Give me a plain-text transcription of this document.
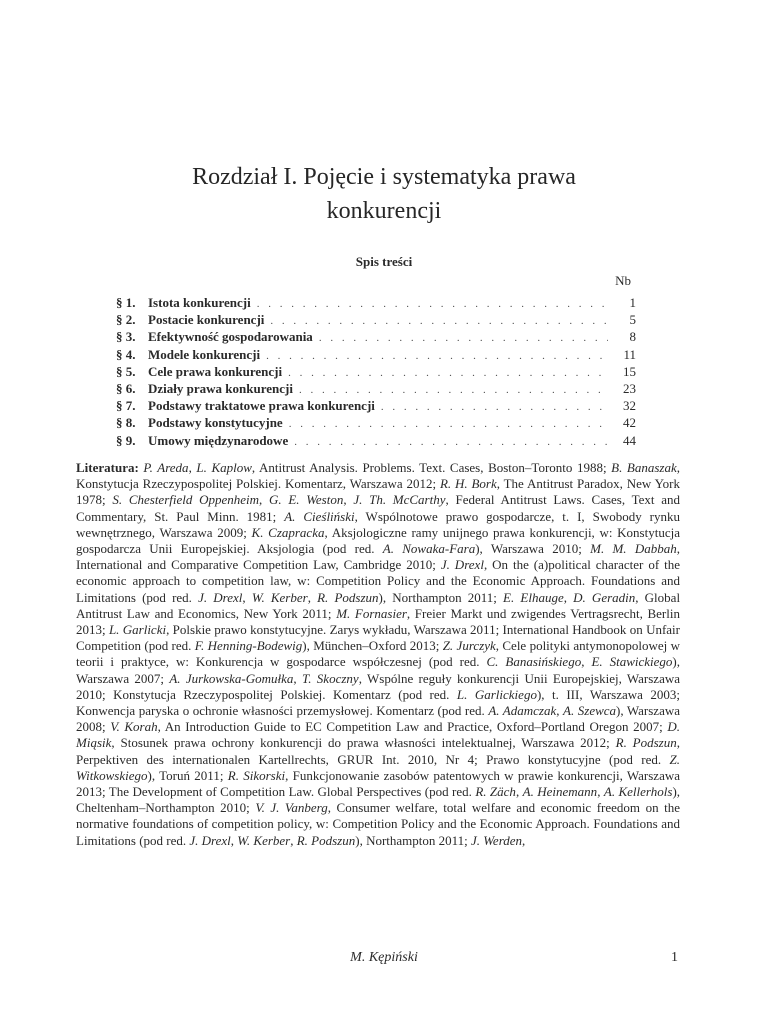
Rozdział I. Pojęcie i systematyka prawa
konkurencji
Spis treści
Nb
§ 1. Istota konkurencji . . .	1
§ 2. Postacie konkurencji . . .	5
§ 3. Efektywność gospodarowania . . .	8
§ 4. Modele konkurencji . . .	11
§ 5. Cele prawa konkurencji . . .	15
§ 6. Działy prawa konkurencji . . .	23
§ 7. Podstawy traktatowe prawa konkurencji . . .	32
§ 8. Podstawy konstytucyjne . . .	42
§ 9. Umowy międzynarodowe . . .	44

Literatura: P. Areda, L. Kaplow, Antitrust Analysis. Problems. Text. Cases, Boston–Toronto 1988; B. Banaszak, Konstytucja Rzeczypospolitej Polskiej. Komentarz, Warszawa 2012; R. H. Bork, The Antitrust Paradox, New York 1978; S. Chesterfield Oppenheim, G. E. Weston, J. Th. McCarthy, Federal Antitrust Laws. Cases, Text and Commentary, St. Paul Minn. 1981; A. Cieśliński, Wspólnotowe prawo gospodarcze, t. I, Swobody rynku wewnętrznego, Warszawa 2009; K. Czapracka, Aksjologiczne ramy unijnego prawa konkurencji, w: Konstytucja gospodarcza Unii Europejskiej. Aksjologia (pod red. A. Nowaka-Fara), Warszawa 2010; M. M. Dabbah, International and Comparative Competition Law, Cambridge 2010; J. Drexl, On the (a)political character of the economic approach to competition law, w: Competition Policy and the Economic Approach. Foundations and Limitations (pod red. J. Drexl, W. Kerber, R. Podszun), Northampton 2011; E. Elhauge, D. Geradin, Global Antitrust Law and Economics, New York 2011; M. Fornasier, Freier Markt und zwigendes Vertragsrecht, Berlin 2013; L. Garlicki, Polskie prawo konstytucyjne. Zarys wykładu, Warszawa 2011; International Handbook on Unfair Competition (pod red. F. Henning-Bodewig), München–Oxford 2013; Z. Jurczyk, Cele polityki antymonopolowej w teorii i praktyce, w: Konkurencja w gospodarce współczesnej (pod red. C. Banasińskiego, E. Stawickiego), Warszawa 2007; A. Jurkowska-Gomułka, T. Skoczny, Wspólne reguły konkurencji Unii Europejskiej, Warszawa 2010; Konstytucja Rzeczypospolitej Polskiej. Komentarz (pod red. L. Garlickiego), t. III, Warszawa 2003; Konwencja paryska o ochronie własności przemysłowej. Komentarz (pod red. A. Adamczak, A. Szewca), Warszawa 2008; V. Korah, An Introduction Guide to EC Competition Law and Practice, Oxford–Portland Oregon 2007; D. Miąsik, Stosunek prawa ochrony konkurencji do prawa własności intelektualnej, Warszawa 2012; R. Podszun, Perpektiven des internationalen Kartellrechts, GRUR Int. 2010, Nr 4; Prawo konstytucyjne (pod red. Z. Witkowskiego), Toruń 2011; R. Sikorski, Funkcjonowanie zasobów patentowych w prawie konkurencji, Warszawa 2013; The Development of Competition Law. Global Perspectives (pod red. R. Zäch, A. Heinemann, A. Kellerhols), Cheltenham–Northampton 2010; V. J. Vanberg, Consumer welfare, total welfare and economic freedom on the normative foundations of competition policy, w: Competition Policy and the Economic Approach. Foundations and Limitations (pod red. J. Drexl, W. Kerber, R. Podszun), Northampton 2011; J. Werden,

M. Kępiński	1
